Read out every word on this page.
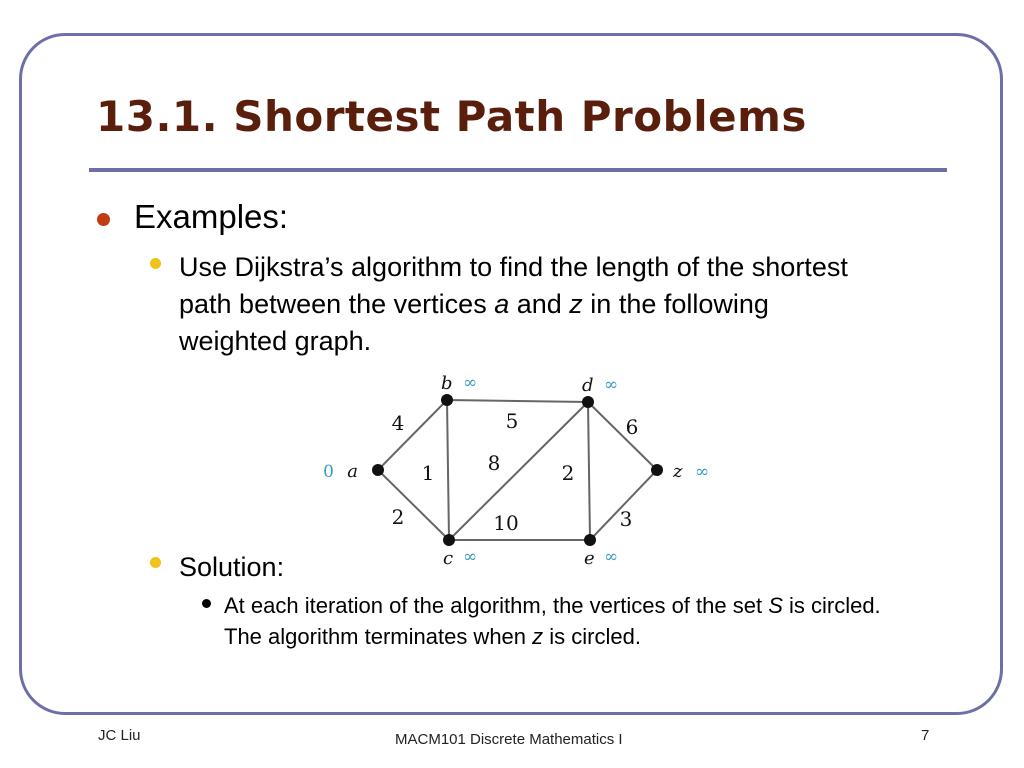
13.1. Shortest Path Problems
Examples:
Use Dijkstra’s algorithm to find the length of the shortest path between the vertices a and z in the following weighted graph.
4
2
1
5
8
10
2
6
3
a
0
b ∞
c ∞
d ∞
e ∞
z ∞
Solution:
At each iteration of the algorithm, the vertices of the set S is circled. The algorithm terminates when z is circled.
JC Liu	MACM101 Discrete Mathematics I	7
